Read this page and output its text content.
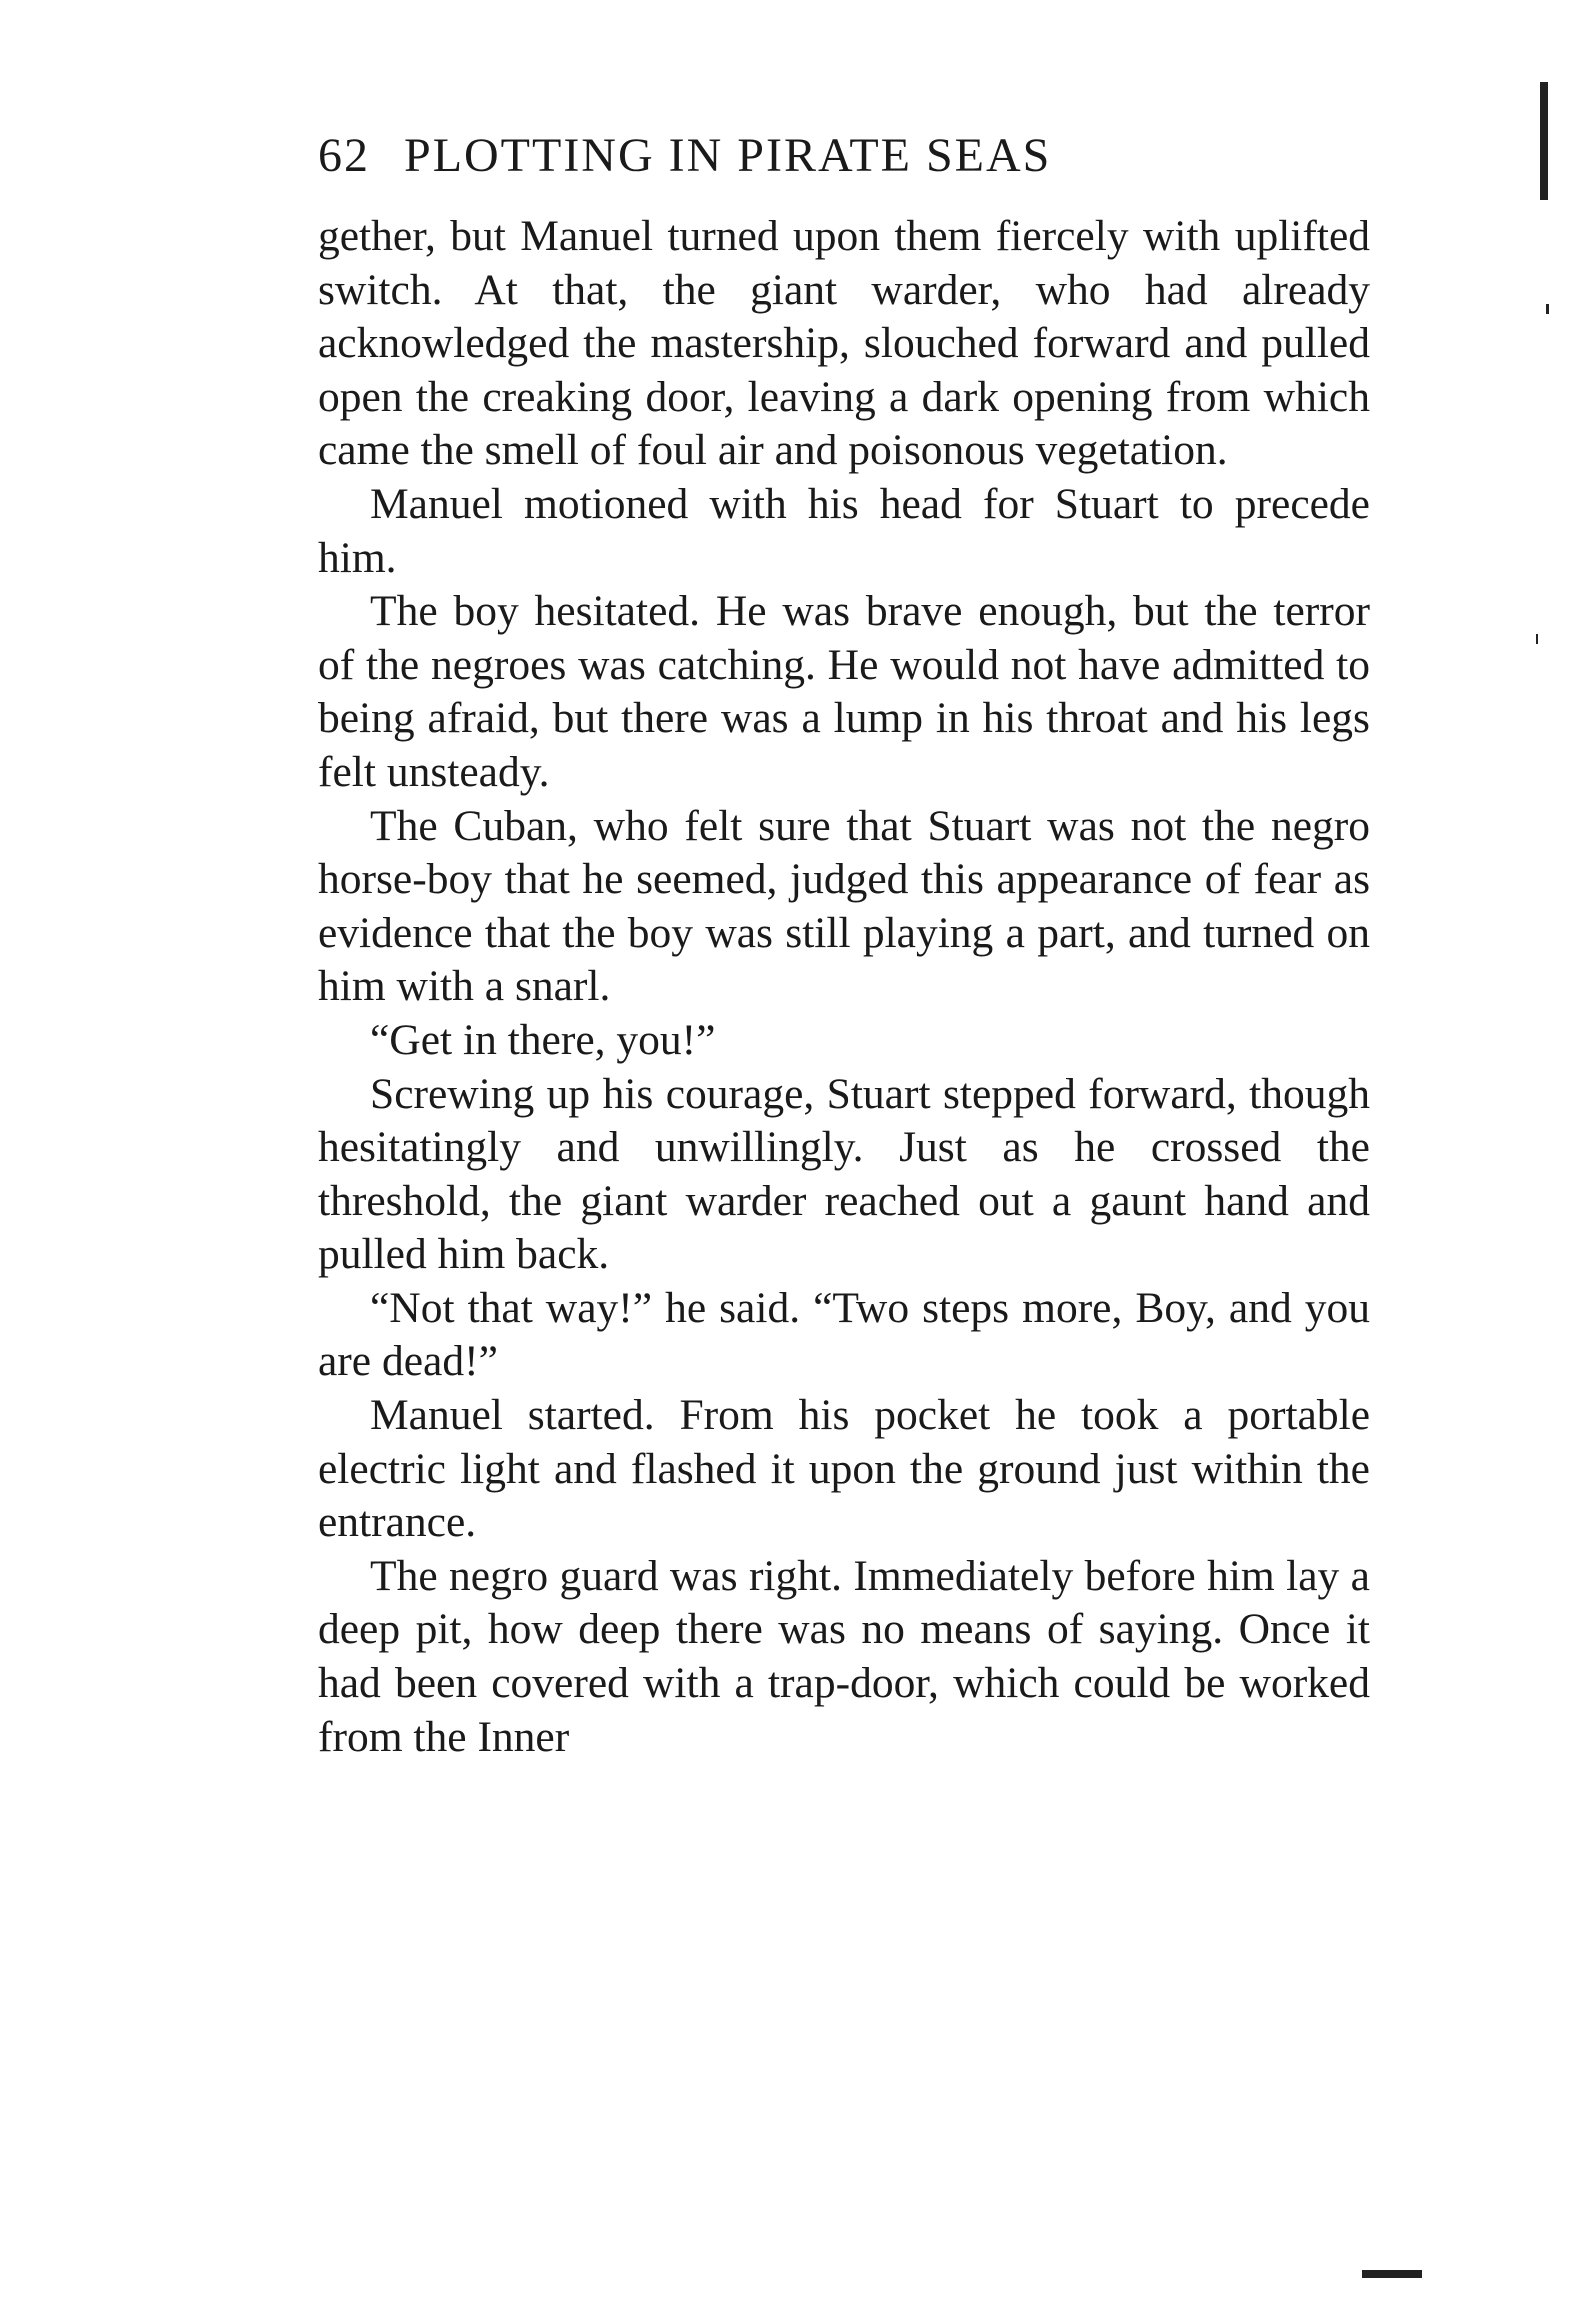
62 PLOTTING IN PIRATE SEAS

gether, but Manuel turned upon them fiercely with uplifted switch. At that, the giant warder, who had already acknowledged the mastership, slouched forward and pulled open the creaking door, leaving a dark opening from which came the smell of foul air and poisonous vegetation.

Manuel motioned with his head for Stuart to precede him.

The boy hesitated. He was brave enough, but the terror of the negroes was catching. He would not have admitted to being afraid, but there was a lump in his throat and his legs felt unsteady.

The Cuban, who felt sure that Stuart was not the negro horse-boy that he seemed, judged this appearance of fear as evidence that the boy was still playing a part, and turned on him with a snarl.

“Get in there, you!”

Screwing up his courage, Stuart stepped forward, though hesitatingly and unwillingly. Just as he crossed the threshold, the giant warder reached out a gaunt hand and pulled him back.

“Not that way!” he said. “Two steps more, Boy, and you are dead!”

Manuel started. From his pocket he took a portable electric light and flashed it upon the ground just within the entrance.

The negro guard was right. Immediately before him lay a deep pit, how deep there was no means of saying. Once it had been covered with a trap-door, which could be worked from the Inner
